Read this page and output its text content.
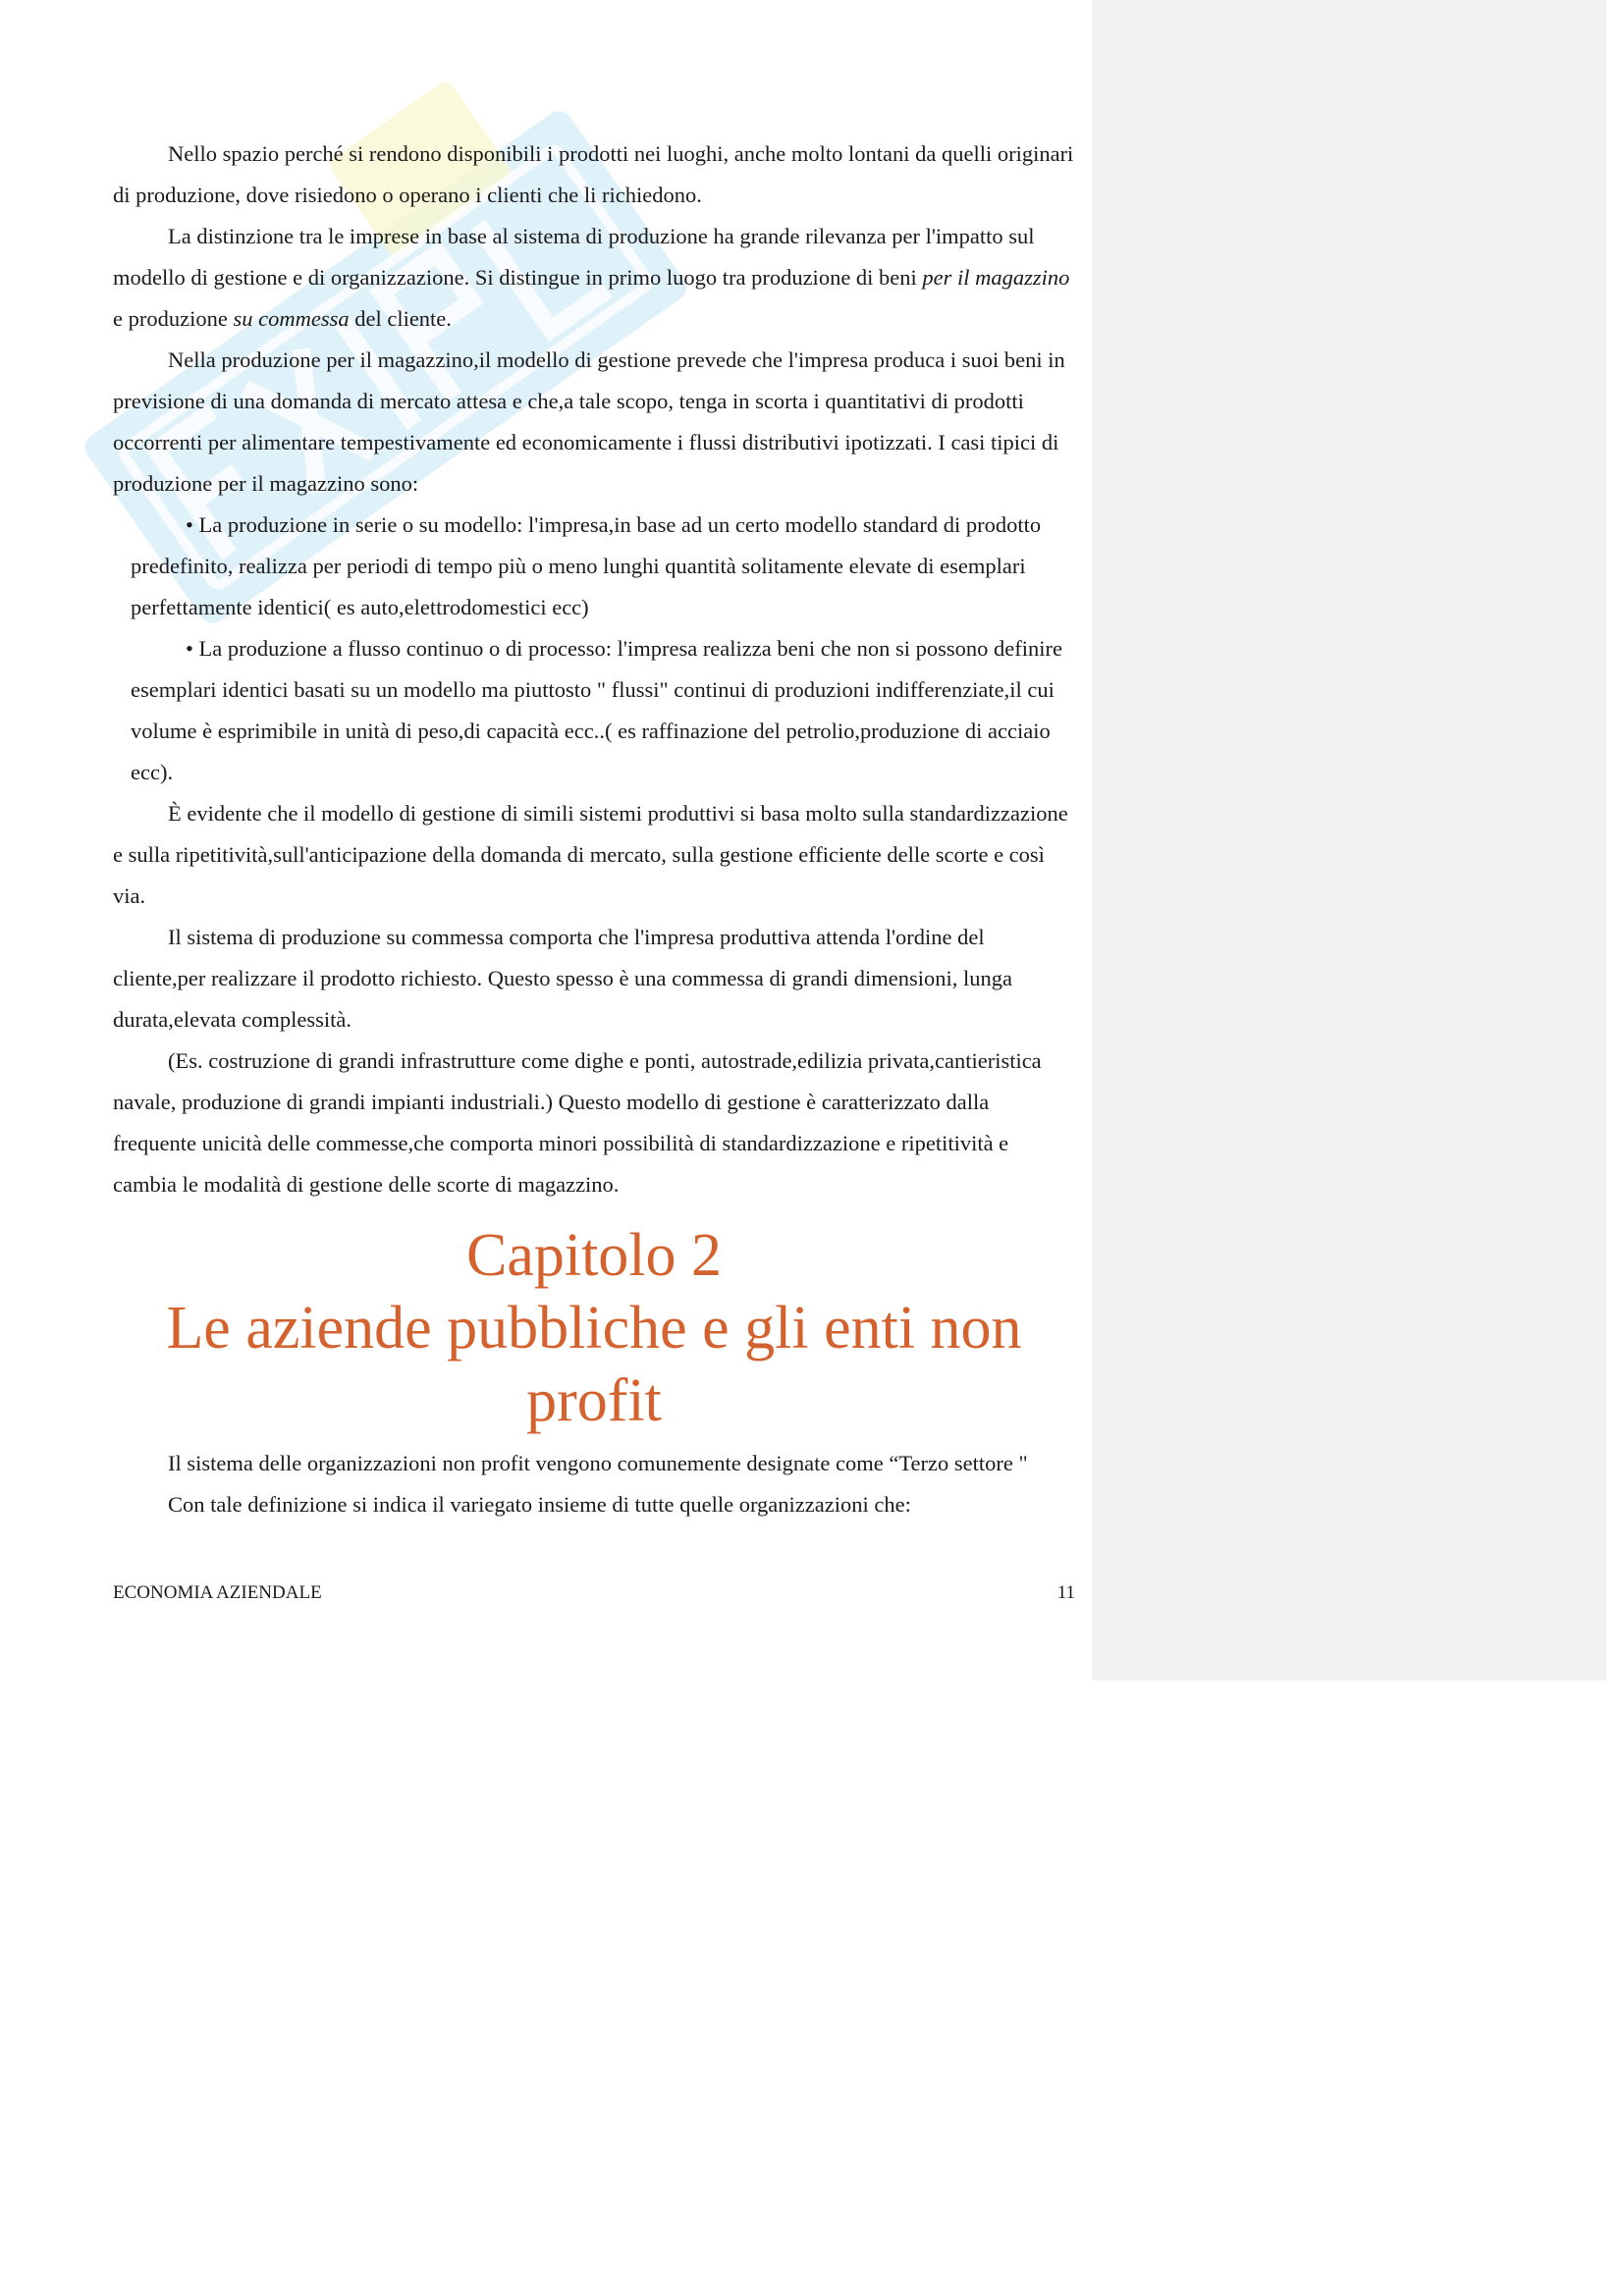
Nello spazio perché si rendono disponibili i prodotti nei luoghi, anche molto lontani da quelli originari di produzione, dove risiedono o operano i clienti che li richiedono.

La distinzione tra le imprese in base al sistema di produzione ha grande rilevanza per l'impatto sul modello di gestione e di organizzazione. Si distingue in primo luogo tra produzione di beni per il magazzino e produzione su commessa del cliente.

Nella produzione per il magazzino,il modello di gestione prevede che l'impresa produca i suoi beni in previsione di una domanda di mercato attesa e che,a tale scopo, tenga in scorta i quantitativi di prodotti occorrenti per alimentare tempestivamente ed economicamente i flussi distributivi ipotizzati. I casi tipici di produzione per il magazzino sono:

• La produzione in serie o su modello: l'impresa,in base ad un certo modello standard di prodotto predefinito, realizza per periodi di tempo più o meno lunghi quantità solitamente elevate di esemplari perfettamente identici( es auto,elettrodomestici ecc)

• La produzione a flusso continuo o di processo: l'impresa realizza beni che non si possono definire esemplari identici basati su un modello ma piuttosto " flussi" continui di produzioni indifferenziate,il cui volume è esprimibile in unità di peso,di capacità ecc..( es raffinazione del petrolio,produzione di acciaio ecc).

È evidente che il modello di gestione di simili sistemi produttivi si basa molto sulla standardizzazione e sulla ripetitività,sull'anticipazione della domanda di mercato, sulla gestione efficiente delle scorte e così via.

Il sistema di produzione su commessa comporta che l'impresa produttiva attenda l'ordine del cliente,per realizzare il prodotto richiesto. Questo spesso è una commessa di grandi dimensioni, lunga durata,elevata complessità.

(Es. costruzione di grandi infrastrutture come dighe e ponti, autostrade,edilizia privata,cantieristica navale, produzione di grandi impianti industriali.) Questo modello di gestione è caratterizzato dalla frequente unicità delle commesse,che comporta minori possibilità di standardizzazione e ripetitività e cambia le modalità di gestione delle scorte di magazzino.

Capitolo 2
Le aziende pubbliche e gli enti non profit

Il sistema delle organizzazioni non profit vengono comunemente designate come “Terzo settore "

Con tale definizione si indica il variegato insieme di tutte quelle organizzazioni che:

ECONOMIA AZIENDALE	11
